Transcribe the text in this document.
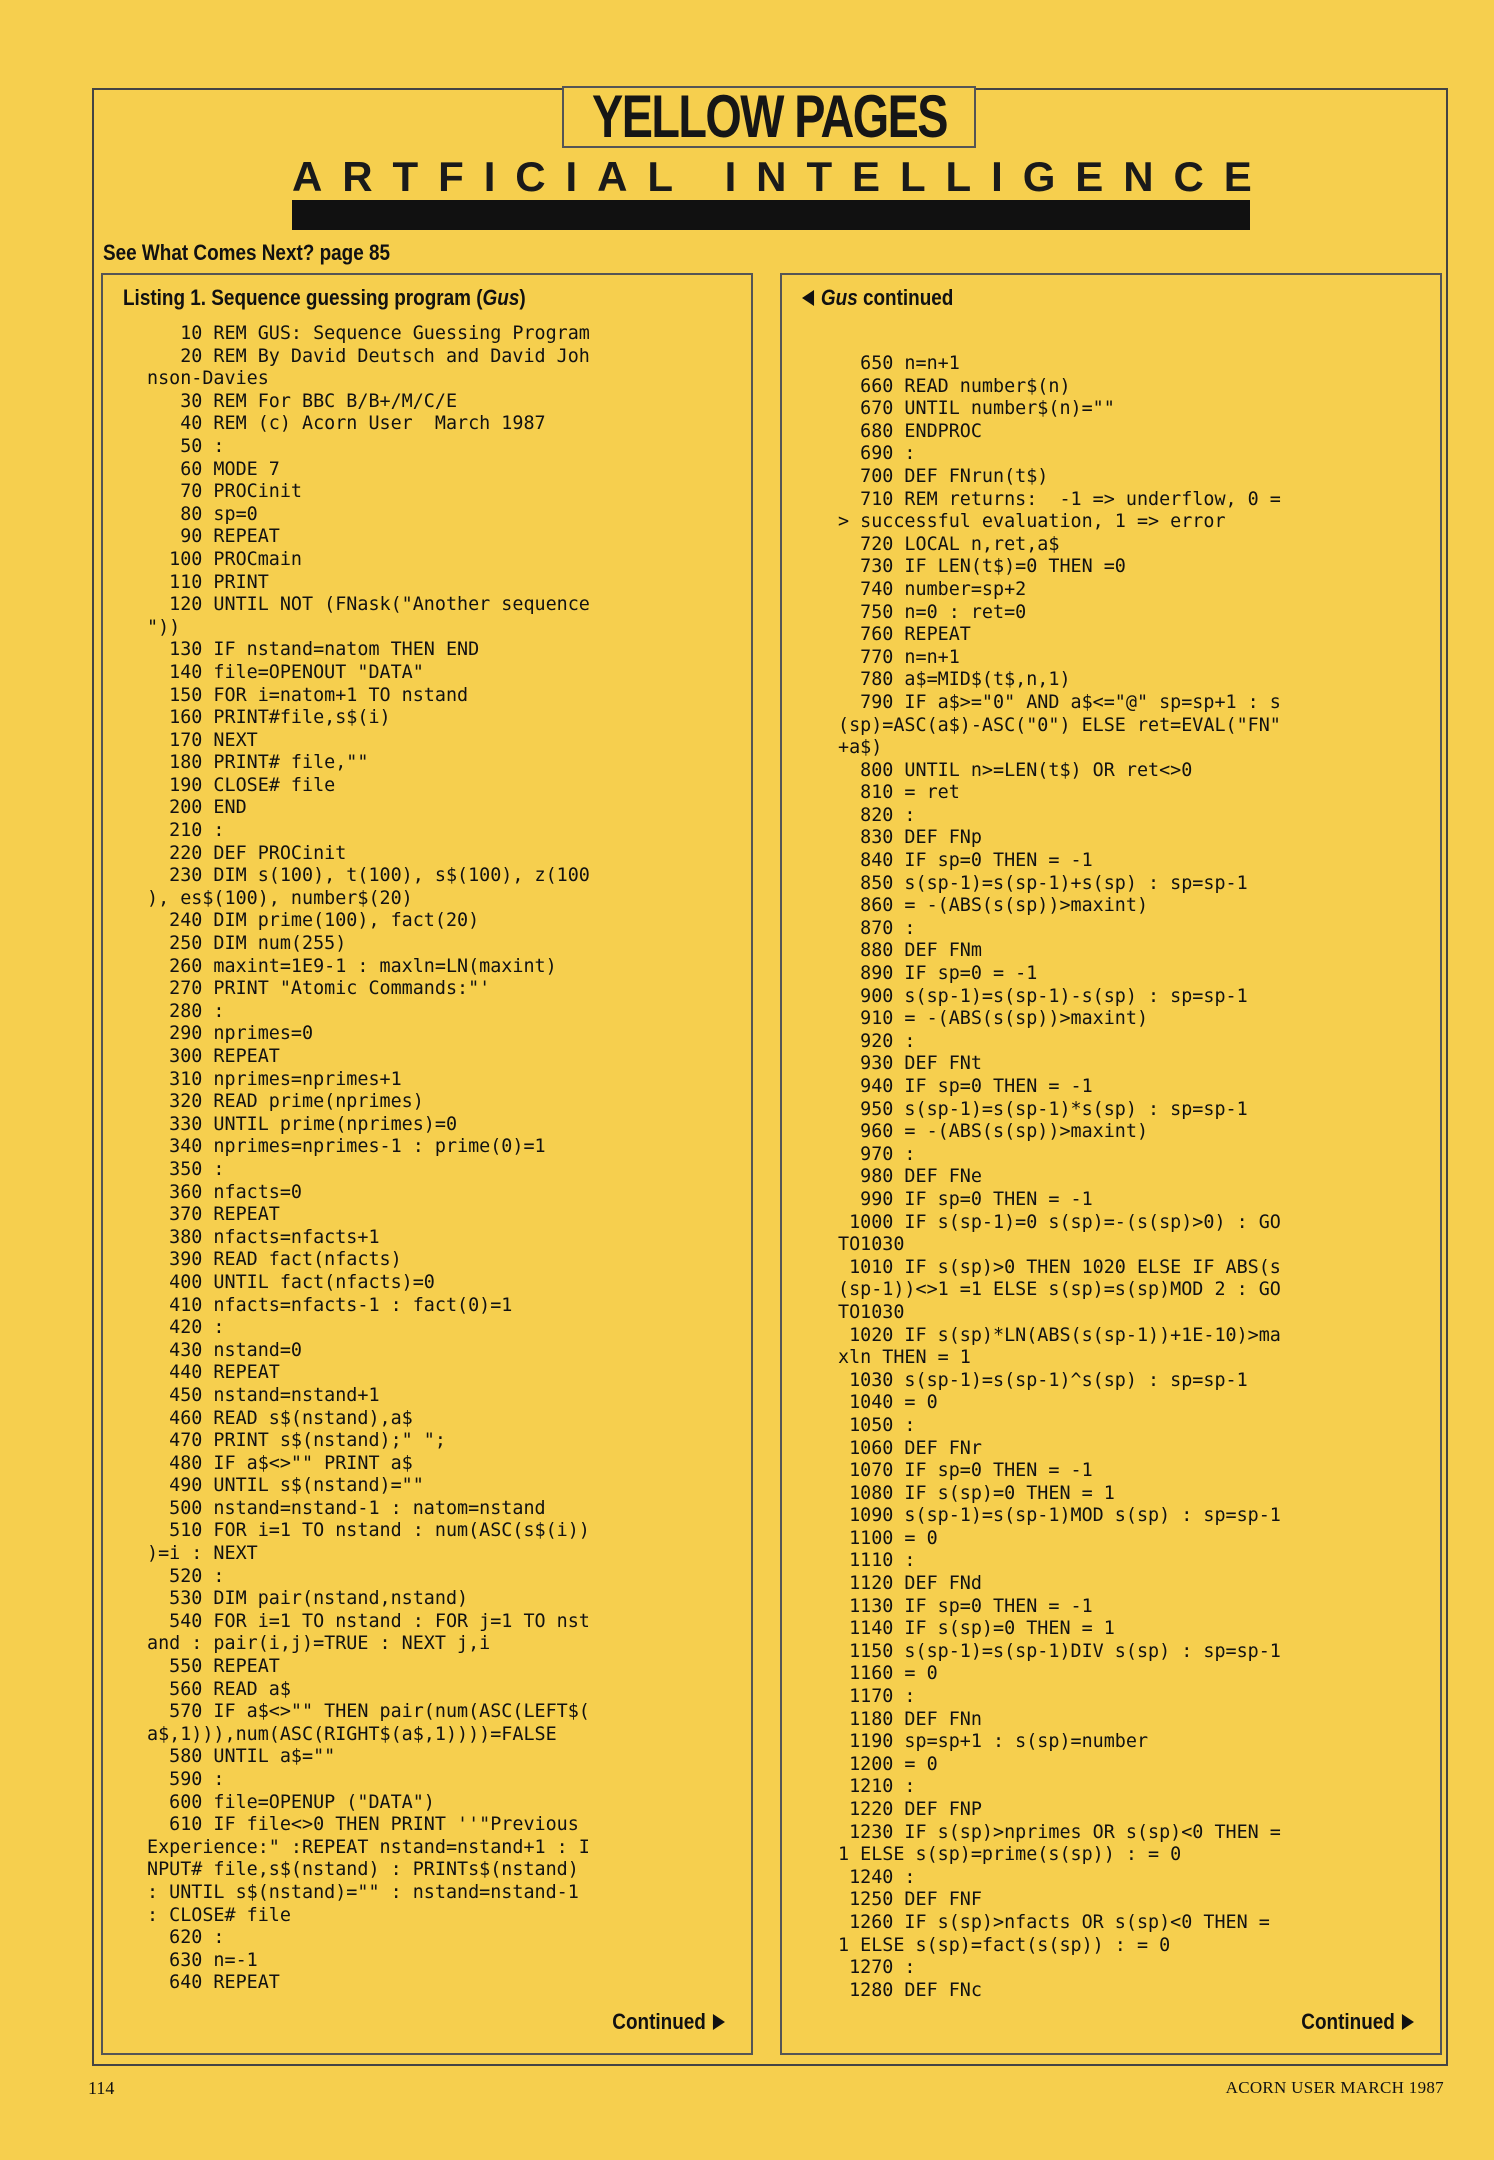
YELLOW PAGES
A R T F I C I A L
I N T E L L I G E N C E
See What Comes Next? page 85
Listing 1. Sequence guessing program (Gus)
10 REM GUS: Sequence Guessing Program
20 REM By David Deutsch and David Joh
nson-Davies
30 REM For BBC B/B+/M/C/E
40 REM (c) Acorn User  March 1987
50 :
60 MODE 7
70 PROCinit
80 sp=0
90 REPEAT
100 PROCmain
110 PRINT
120 UNTIL NOT (FNask("Another sequence
"))
130 IF nstand=natom THEN END
140 file=OPENOUT "DATA"
150 FOR i=natom+1 TO nstand
160 PRINT#file,s$(i)
170 NEXT
180 PRINT# file,""
190 CLOSE# file
200 END
210 :
220 DEF PROCinit
230 DIM s(100), t(100), s$(100), z(100
), es$(100), number$(20)
240 DIM prime(100), fact(20)
250 DIM num(255)
260 maxint=1E9-1 : maxln=LN(maxint)
270 PRINT "Atomic Commands:"'
280 :
290 nprimes=0
300 REPEAT
310 nprimes=nprimes+1
320 READ prime(nprimes)
330 UNTIL prime(nprimes)=0
340 nprimes=nprimes-1 : prime(0)=1
350 :
360 nfacts=0
370 REPEAT
380 nfacts=nfacts+1
390 READ fact(nfacts)
400 UNTIL fact(nfacts)=0
410 nfacts=nfacts-1 : fact(0)=1
420 :
430 nstand=0
440 REPEAT
450 nstand=nstand+1
460 READ s$(nstand),a$
470 PRINT s$(nstand);" ";
480 IF a$<>"" PRINT a$
490 UNTIL s$(nstand)=""
500 nstand=nstand-1 : natom=nstand
510 FOR i=1 TO nstand : num(ASC(s$(i))
)=i : NEXT
520 :
530 DIM pair(nstand,nstand)
540 FOR i=1 TO nstand : FOR j=1 TO nst
and : pair(i,j)=TRUE : NEXT j,i
550 REPEAT
560 READ a$
570 IF a$<>"" THEN pair(num(ASC(LEFT$(
a$,1))),num(ASC(RIGHT$(a$,1))))=FALSE
580 UNTIL a$=""
590 :
600 file=OPENUP ("DATA")
610 IF file<>0 THEN PRINT ''"Previous
Experience:" :REPEAT nstand=nstand+1 : I
NPUT# file,s$(nstand) : PRINTs$(nstand)
: UNTIL s$(nstand)="" : nstand=nstand-1
: CLOSE# file
620 :
630 n=-1
640 REPEAT
Continued
Gus continued
650 n=n+1
660 READ number$(n)
670 UNTIL number$(n)=""
680 ENDPROC
690 :
700 DEF FNrun(t$)
710 REM returns:  -1 => underflow, 0 =
> successful evaluation, 1 => error
720 LOCAL n,ret,a$
730 IF LEN(t$)=0 THEN =0
740 number=sp+2
750 n=0 : ret=0
760 REPEAT
770 n=n+1
780 a$=MID$(t$,n,1)
790 IF a$>="0" AND a$<="@" sp=sp+1 : s
(sp)=ASC(a$)-ASC("0") ELSE ret=EVAL("FN"
+a$)
800 UNTIL n>=LEN(t$) OR ret<>0
810 = ret
820 :
830 DEF FNp
840 IF sp=0 THEN = -1
850 s(sp-1)=s(sp-1)+s(sp) : sp=sp-1
860 = -(ABS(s(sp))>maxint)
870 :
880 DEF FNm
890 IF sp=0 = -1
900 s(sp-1)=s(sp-1)-s(sp) : sp=sp-1
910 = -(ABS(s(sp))>maxint)
920 :
930 DEF FNt
940 IF sp=0 THEN = -1
950 s(sp-1)=s(sp-1)*s(sp) : sp=sp-1
960 = -(ABS(s(sp))>maxint)
970 :
980 DEF FNe
990 IF sp=0 THEN = -1
1000 IF s(sp-1)=0 s(sp)=-(s(sp)>0) : GO
TO1030
1010 IF s(sp)>0 THEN 1020 ELSE IF ABS(s
(sp-1))<>1 =1 ELSE s(sp)=s(sp)MOD 2 : GO
TO1030
1020 IF s(sp)*LN(ABS(s(sp-1))+1E-10)>ma
xln THEN = 1
1030 s(sp-1)=s(sp-1)^s(sp) : sp=sp-1
1040 = 0
1050 :
1060 DEF FNr
1070 IF sp=0 THEN = -1
1080 IF s(sp)=0 THEN = 1
1090 s(sp-1)=s(sp-1)MOD s(sp) : sp=sp-1
1100 = 0
1110 :
1120 DEF FNd
1130 IF sp=0 THEN = -1
1140 IF s(sp)=0 THEN = 1
1150 s(sp-1)=s(sp-1)DIV s(sp) : sp=sp-1
1160 = 0
1170 :
1180 DEF FNn
1190 sp=sp+1 : s(sp)=number
1200 = 0
1210 :
1220 DEF FNP
1230 IF s(sp)>nprimes OR s(sp)<0 THEN =
1 ELSE s(sp)=prime(s(sp)) : = 0
1240 :
1250 DEF FNF
1260 IF s(sp)>nfacts OR s(sp)<0 THEN =
1 ELSE s(sp)=fact(s(sp)) : = 0
1270 :
1280 DEF FNc
Continued
114	ACORN USER MARCH 1987
